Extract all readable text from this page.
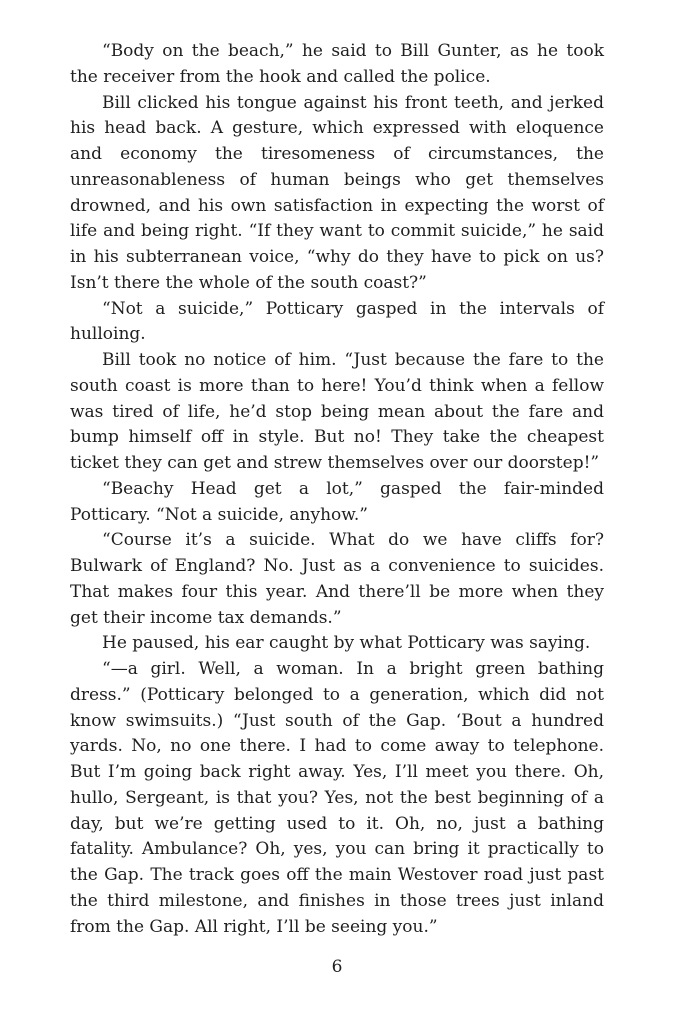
“Body on the beach,” he said to Bill Gunter, as he took the receiver from the hook and called the police.

Bill clicked his tongue against his front teeth, and jerked his head back. A gesture, which expressed with eloquence and economy the tiresomeness of circumstances, the unreasonableness of human beings who get themselves drowned, and his own satisfaction in expecting the worst of life and being right. “If they want to commit suicide,” he said in his subterranean voice, “why do they have to pick on us? Isn’t there the whole of the south coast?”

“Not a suicide,” Potticary gasped in the intervals of hulloing.

Bill took no notice of him. “Just because the fare to the south coast is more than to here! You’d think when a fellow was tired of life, he’d stop being mean about the fare and bump himself off in style. But no! They take the cheapest ticket they can get and strew themselves over our doorstep!”

“Beachy Head get a lot,” gasped the fair-minded Potticary. “Not a suicide, anyhow.”

“Course it’s a suicide. What do we have cliffs for? Bulwark of England? No. Just as a convenience to suicides. That makes four this year. And there’ll be more when they get their income tax demands.”

He paused, his ear caught by what Potticary was saying.

“—a girl. Well, a woman. In a bright green bathing dress.” (Potticary belonged to a generation, which did not know swimsuits.) “Just south of the Gap. ‘Bout a hundred yards. No, no one there. I had to come away to telephone. But I’m going back right away. Yes, I’ll meet you there. Oh, hullo, Sergeant, is that you? Yes, not the best beginning of a day, but we’re getting used to it. Oh, no, just a bathing fatality. Ambulance? Oh, yes, you can bring it practically to the Gap. The track goes off the main Westover road just past the third milestone, and finishes in those trees just inland from the Gap. All right, I’ll be seeing you.”

6
